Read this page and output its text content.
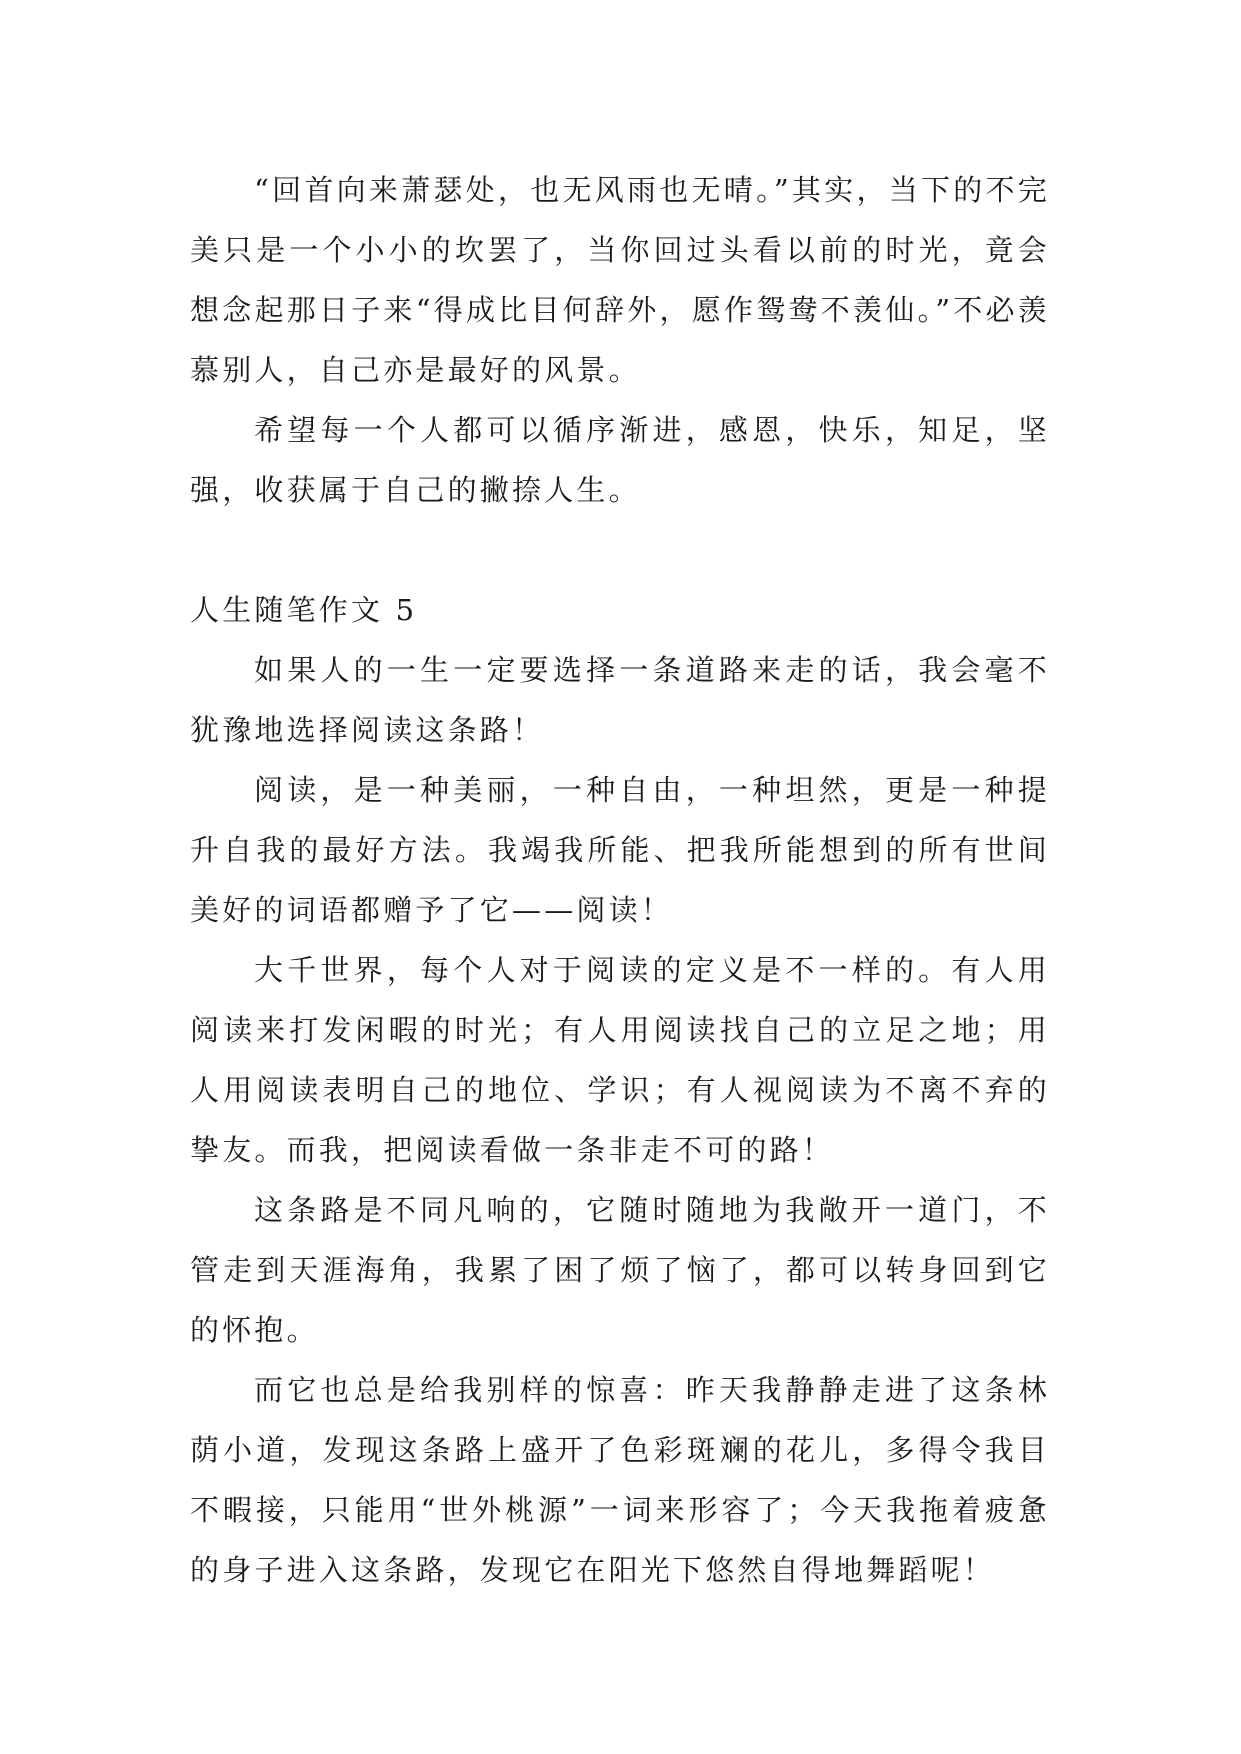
“回首向来萧瑟处，也无风雨也无晴。”其实，当下的不完美只是一个小小的坎罢了，当你回过头看以前的时光，竟会想念起那日子来“得成比目何辞外，愿作鸳鸯不羡仙。”不必羡慕别人，自己亦是最好的风景。

希望每一个人都可以循序渐进，感恩，快乐，知足，坚强，收获属于自己的撇捺人生。

人生随笔作文 5

如果人的一生一定要选择一条道路来走的话，我会毫不犹豫地选择阅读这条路！

阅读，是一种美丽，一种自由，一种坦然，更是一种提升自我的最好方法。我竭我所能、把我所能想到的所有世间美好的词语都赠予了它——阅读！

大千世界，每个人对于阅读的定义是不一样的。有人用阅读来打发闲暇的时光；有人用阅读找自己的立足之地；用人用阅读表明自己的地位、学识；有人视阅读为不离不弃的挚友。而我，把阅读看做一条非走不可的路！

这条路是不同凡响的，它随时随地为我敞开一道门，不管走到天涯海角，我累了困了烦了恼了，都可以转身回到它的怀抱。

而它也总是给我别样的惊喜：昨天我静静走进了这条林荫小道，发现这条路上盛开了色彩斑斓的花儿，多得令我目不暇接，只能用“世外桃源”一词来形容了；今天我拖着疲惫的身子进入这条路，发现它在阳光下悠然自得地舞蹈呢！
